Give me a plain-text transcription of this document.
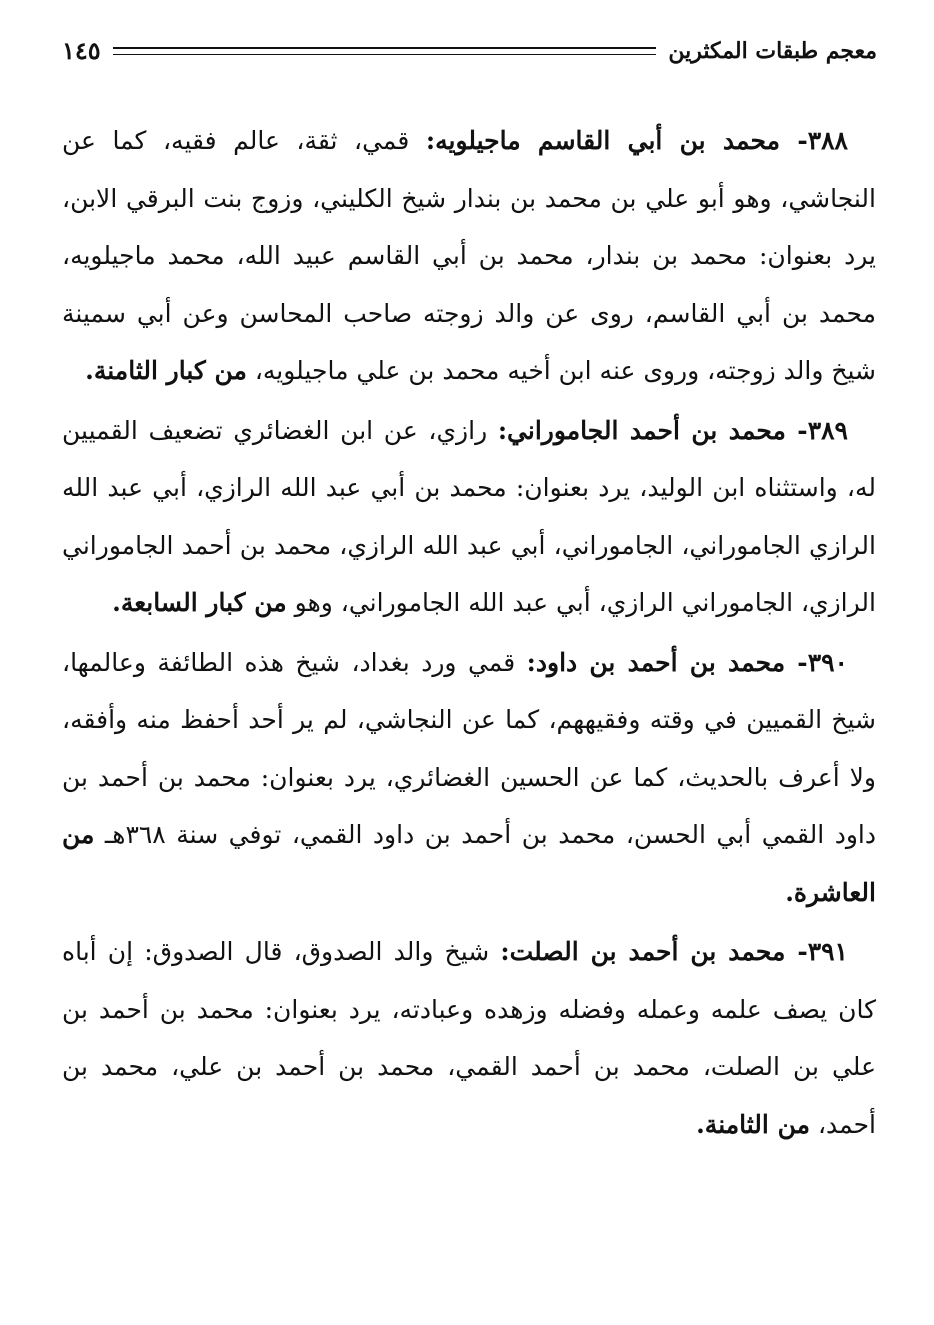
١٤٥	معجم طبقات المكثرين

٣٨٨- محمد بن أبي القاسم ماجيلويه: قمي، ثقة، عالم فقيه، كما عن النجاشي، وهو أبو علي بن محمد بن بندار شيخ الكليني، وزوج بنت البرقي الابن، يرد بعنوان: محمد بن بندار، محمد بن أبي القاسم عبيد الله، محمد ماجيلويه، محمد بن أبي القاسم، روى عن والد زوجته صاحب المحاسن وعن أبي سمينة شيخ والد زوجته، وروى عنه ابن أخيه محمد بن علي ماجيلويه، من كبار الثامنة.

٣٨٩- محمد بن أحمد الجاموراني: رازي، عن ابن الغضائري تضعيف القميين له، واستثناه ابن الوليد، يرد بعنوان: محمد بن أبي عبد الله الرازي، أبي عبد الله الرازي الجاموراني، الجاموراني، أبي عبد الله الرازي، محمد بن أحمد الجاموراني الرازي، الجاموراني الرازي، أبي عبد الله الجاموراني، وهو من كبار السابعة.

٣٩٠- محمد بن أحمد بن داود: قمي ورد بغداد، شيخ هذه الطائفة وعالمها، شيخ القميين في وقته وفقيههم، كما عن النجاشي، لم ير أحد أحفظ منه وأفقه، ولا أعرف بالحديث، كما عن الحسين الغضائري، يرد بعنوان: محمد بن أحمد بن داود القمي أبي الحسن، محمد بن أحمد بن داود القمي، توفي سنة ٣٦٨هـ من العاشرة.

٣٩١- محمد بن أحمد بن الصلت: شيخ والد الصدوق، قال الصدوق: إن أباه كان يصف علمه وعمله وفضله وزهده وعبادته، يرد بعنوان: محمد بن أحمد بن علي بن الصلت، محمد بن أحمد القمي، محمد بن أحمد بن علي، محمد بن أحمد، من الثامنة.
